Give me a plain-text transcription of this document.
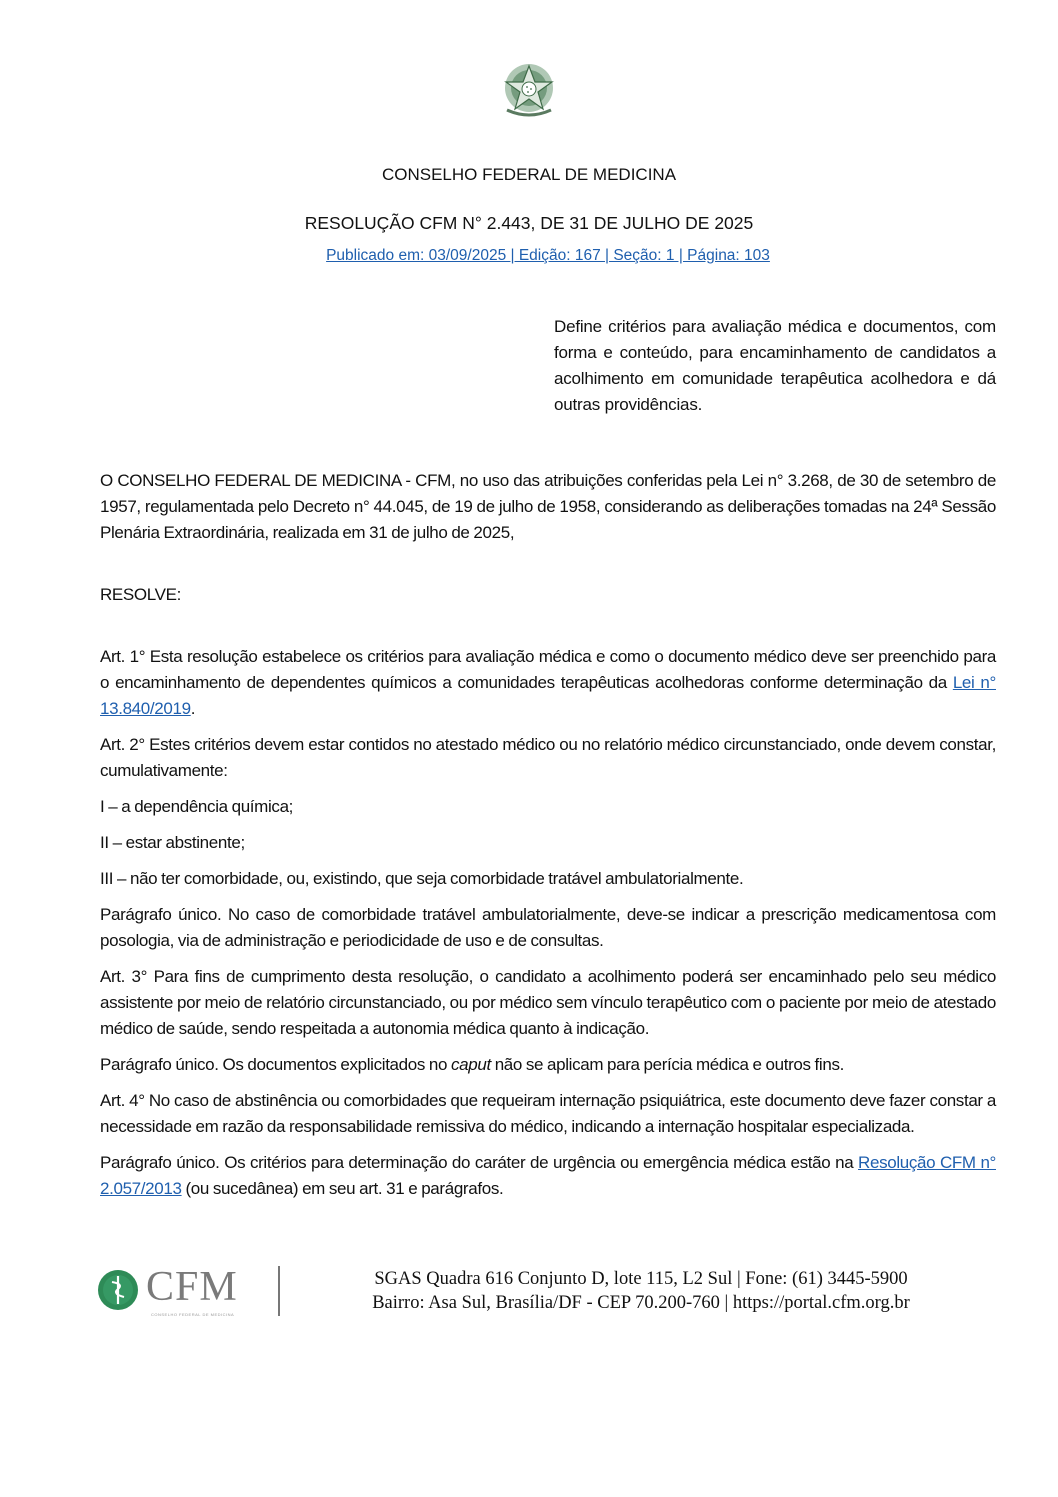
CONSELHO FEDERAL DE MEDICINA
RESOLUÇÃO CFM N° 2.443, DE 31 DE JULHO DE 2025
Publicado em: 03/09/2025 | Edição: 167 | Seção: 1 | Página: 103
Define critérios para avaliação médica e documentos, com forma e conteúdo, para encaminhamento de candidatos a acolhimento em comunidade terapêutica acolhedora e dá outras providências.
O CONSELHO FEDERAL DE MEDICINA - CFM, no uso das atribuições conferidas pela Lei n° 3.268, de 30 de setembro de 1957, regulamentada pelo Decreto n° 44.045, de 19 de julho de 1958, considerando as deliberações tomadas na 24ª Sessão Plenária Extraordinária, realizada em 31 de julho de 2025,
RESOLVE:
Art. 1° Esta resolução estabelece os critérios para avaliação médica e como o documento médico deve ser preenchido para o encaminhamento de dependentes químicos a comunidades terapêuticas acolhedoras conforme determinação da Lei n° 13.840/2019.
Art. 2° Estes critérios devem estar contidos no atestado médico ou no relatório médico circunstanciado, onde devem constar, cumulativamente:
I – a dependência química;
II – estar abstinente;
III – não ter comorbidade, ou, existindo, que seja comorbidade tratável ambulatorialmente.
Parágrafo único. No caso de comorbidade tratável ambulatorialmente, deve-se indicar a prescrição medicamentosa com posologia, via de administração e periodicidade de uso e de consultas.
Art. 3° Para fins de cumprimento desta resolução, o candidato a acolhimento poderá ser encaminhado pelo seu médico assistente por meio de relatório circunstanciado, ou por médico sem vínculo terapêutico com o paciente por meio de atestado médico de saúde, sendo respeitada a autonomia médica quanto à indicação.
Parágrafo único. Os documentos explicitados no caput não se aplicam para perícia médica e outros fins.
Art. 4° No caso de abstinência ou comorbidades que requeiram internação psiquiátrica, este documento deve fazer constar a necessidade em razão da responsabilidade remissiva do médico, indicando a internação hospitalar especializada.
Parágrafo único. Os critérios para determinação do caráter de urgência ou emergência médica estão na Resolução CFM n° 2.057/2013 (ou sucedânea) em seu art. 31 e parágrafos.
CFM
CONSELHO FEDERAL DE MEDICINA
SGAS Quadra 616 Conjunto D, lote 115, L2 Sul | Fone: (61) 3445-5900
Bairro: Asa Sul, Brasília/DF - CEP 70.200-760 | https://portal.cfm.org.br
